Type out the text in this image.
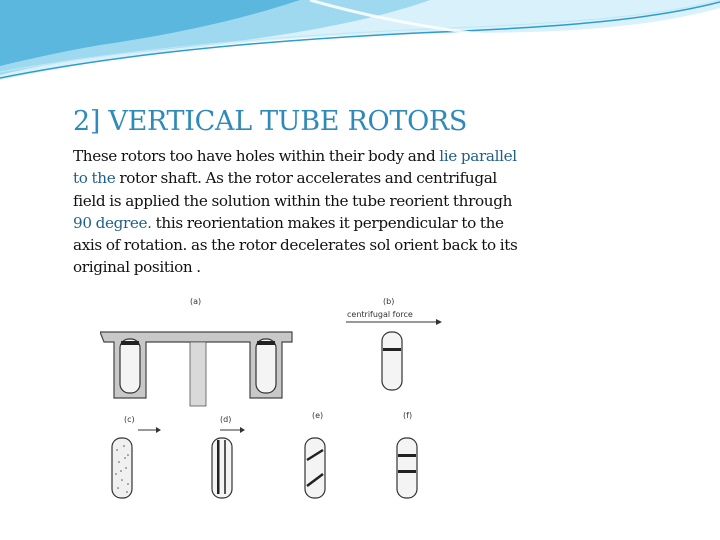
2] VERTICAL TUBE ROTORS
These rotors too have holes within their body and lie parallel to the rotor shaft. As the rotor accelerates and centrifugal field is applied the solution within the tube reorient through 90 degree. this reorientation makes it perpendicular to the axis of rotation. as the rotor decelerates sol orient back to its original position .
(a)	(b)
centrifugal force
(c)	(d)	(e)	(f)
